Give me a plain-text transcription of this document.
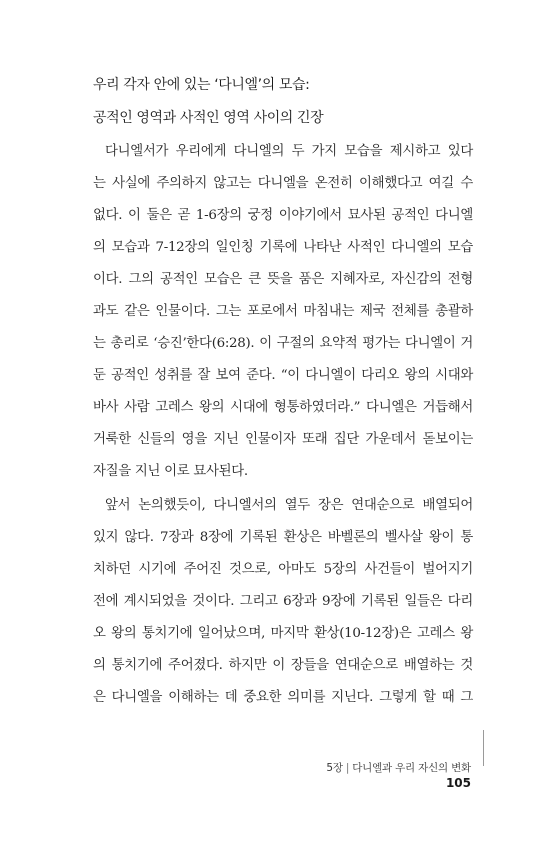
우리 각자 안에 있는 ‘다니엘’의 모습:
공적인 영역과 사적인 영역 사이의 긴장
다니엘서가 우리에게 다니엘의 두 가지 모습을 제시하고 있다
는 사실에 주의하지 않고는 다니엘을 온전히 이해했다고 여길 수
없다. 이 둘은 곧 1-6장의 궁정 이야기에서 묘사된 공적인 다니엘
의 모습과 7-12장의 일인칭 기록에 나타난 사적인 다니엘의 모습
이다. 그의 공적인 모습은 큰 뜻을 품은 지혜자로, 자신감의 전형
과도 같은 인물이다. 그는 포로에서 마침내는 제국 전체를 총괄하
는 총리로 ‘승진’한다(6:28). 이 구절의 요약적 평가는 다니엘이 거
둔 공적인 성취를 잘 보여 준다. “이 다니엘이 다리오 왕의 시대와
바사 사람 고레스 왕의 시대에 형통하였더라.” 다니엘은 거듭해서
거룩한 신들의 영을 지닌 인물이자 또래 집단 가운데서 돋보이는
자질을 지닌 이로 묘사된다.
앞서 논의했듯이, 다니엘서의 열두 장은 연대순으로 배열되어
있지 않다. 7장과 8장에 기록된 환상은 바벨론의 벨사살 왕이 통
치하던 시기에 주어진 것으로, 아마도 5장의 사건들이 벌어지기
전에 계시되었을 것이다. 그리고 6장과 9장에 기록된 일들은 다리
오 왕의 통치기에 일어났으며, 마지막 환상(10-12장)은 고레스 왕
의 통치기에 주어졌다. 하지만 이 장들을 연대순으로 배열하는 것
은 다니엘을 이해하는 데 중요한 의미를 지닌다. 그렇게 할 때 그
5장 | 다니엘과 우리 자신의 변화
105
